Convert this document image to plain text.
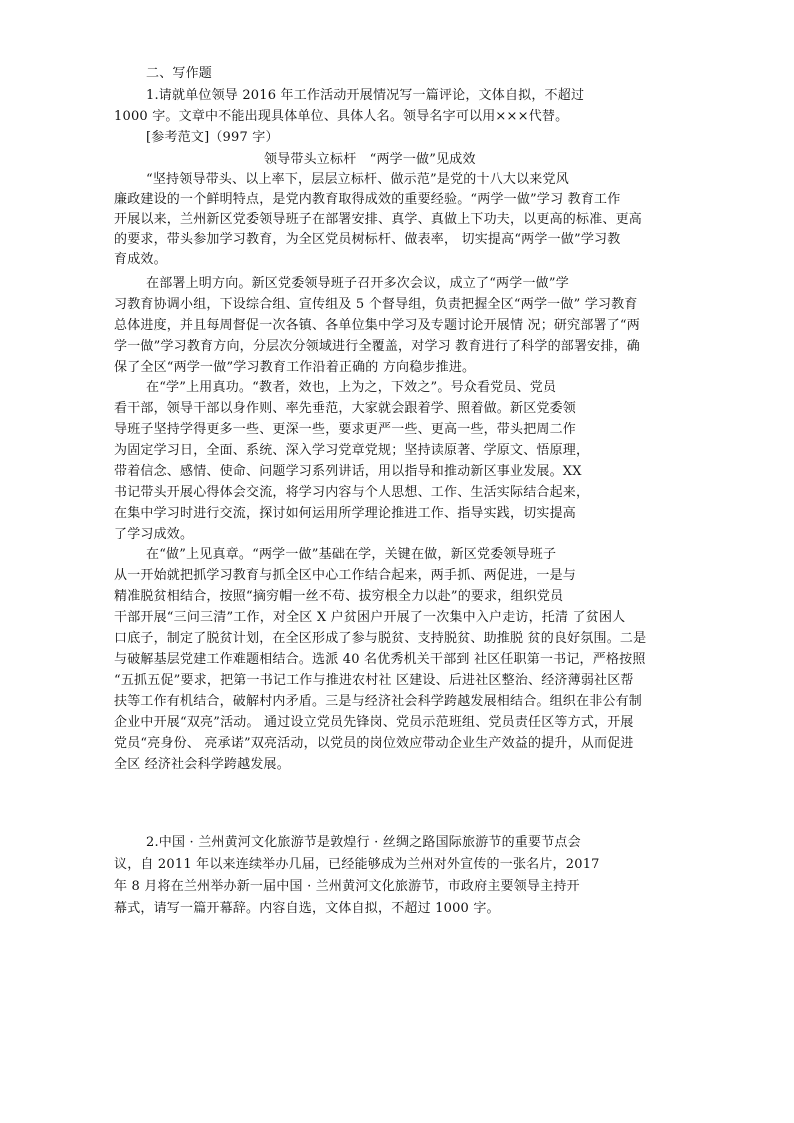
二、写作题
1.请就单位领导 2016 年工作活动开展情况写一篇评论，文体自拟，不超过
1000 字。文章中不能出现具体单位、具体人名。领导名字可以用×××代替。
[参考范文]（997 字）
领导带头立标杆　“两学一做”见成效
“坚持领导带头、以上率下，层层立标杆、做示范”是党的十八大以来党风
廉政建设的一个鲜明特点，是党内教育取得成效的重要经验。“两学一做”学习 教育工作
开展以来，兰州新区党委领导班子在部署安排、真学、真做上下功夫，以更高的标准、更高
的要求，带头参加学习教育，为全区党员树标杆、做表率， 切实提高“两学一做”学习教
育成效。
在部署上明方向。新区党委领导班子召开多次会议，成立了“两学一做”学
习教育协调小组，下设综合组、宣传组及 5 个督导组，负责把握全区“两学一做” 学习教育
总体进度，并且每周督促一次各镇、各单位集中学习及专题讨论开展情 况；研究部署了“两
学一做”学习教育方向，分层次分领域进行全覆盖，对学习 教育进行了科学的部署安排，确
保了全区“两学一做”学习教育工作沿着正确的 方向稳步推进。
在“学”上用真功。“教者，效也，上为之，下效之”。号众看党员、党员
看干部，领导干部以身作则、率先垂范，大家就会跟着学、照着做。新区党委领
导班子坚持学得更多一些、更深一些，要求更严一些、更高一些，带头把周二作
为固定学习日，全面、系统、深入学习党章党规；坚持读原著、学原文、悟原理，
带着信念、感情、使命、问题学习系列讲话，用以指导和推动新区事业发展。XX
书记带头开展心得体会交流，将学习内容与个人思想、工作、生活实际结合起来，
在集中学习时进行交流，探讨如何运用所学理论推进工作、指导实践，切实提高
了学习成效。
在“做”上见真章。“两学一做”基础在学，关键在做，新区党委领导班子
从一开始就把抓学习教育与抓全区中心工作结合起来，两手抓、两促进，一是与
精准脱贫相结合，按照“摘穷帽一丝不苟、拔穷根全力以赴”的要求，组织党员
干部开展“三问三清”工作，对全区 X 户贫困户开展了一次集中入户走访，托清 了贫困人
口底子，制定了脱贫计划，在全区形成了参与脱贫、支持脱贫、助推脱 贫的良好氛围。二是
与破解基层党建工作难题相结合。选派 40 名优秀机关干部到 社区任职第一书记，严格按照
“五抓五促”要求，把第一书记工作与推进农村社 区建设、后进社区整治、经济薄弱社区帮
扶等工作有机结合，破解村内矛盾。三是与经济社会科学跨越发展相结合。组织在非公有制
企业中开展“双亮”活动。 通过设立党员先锋岗、党员示范班组、党员责任区等方式，开展
党员“亮身份、 亮承诺”双亮活动，以党员的岗位效应带动企业生产效益的提升，从而促进
全区 经济社会科学跨越发展。
2.中国 · 兰州黄河文化旅游节是敦煌行 · 丝绸之路国际旅游节的重要节点会
议，自 2011 年以来连续举办几届，已经能够成为兰州对外宣传的一张名片，2017
年 8 月将在兰州举办新一届中国 · 兰州黄河文化旅游节，市政府主要领导主持开
幕式，请写一篇开幕辞。内容自选，文体自拟，不超过 1000 字。
